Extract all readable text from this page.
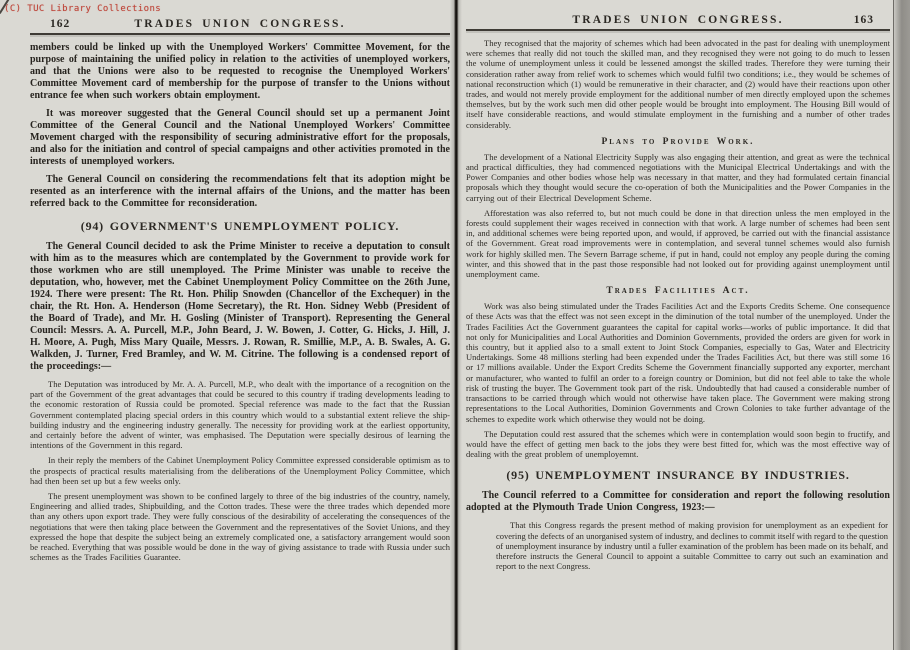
(C) TUC Library Collections
162	TRADES UNION CONGRESS.

members could be linked up with the Unemployed Workers' Committee Movement, for the purpose of maintaining the unified policy in relation to the activities of unemployed workers, and that the Unions were also to be requested to recognise the Unemployed Workers' Committee Movement card of membership for the purpose of transfer to the Unions without entrance fee when such workers obtain employment.

It was moreover suggested that the General Council should set up a permanent Joint Committee of the General Council and the National Unemployed Workers' Committee Movement charged with the responsibility of securing administrative effort for the proposals, and also for the initiation and control of special campaigns and other activities promoted in the interests of unemployed workers.

The General Council on considering the recommendations felt that its adoption might be resented as an interference with the internal affairs of the Unions, and the matter has been referred back to the Committee for reconsideration.

(94) GOVERNMENT'S UNEMPLOYMENT POLICY.

The General Council decided to ask the Prime Minister to receive a deputation to consult with him as to the measures which are contemplated by the Government to provide work for those workmen who are still unemployed. The Prime Minister was unable to receive the deputation, who, however, met the Cabinet Unemployment Policy Committee on the 26th June, 1924. There were present: The Rt. Hon. Philip Snowden (Chancellor of the Exchequer) in the chair, the Rt. Hon. A. Henderson (Home Secretary), the Rt. Hon. Sidney Webb (President of the Board of Trade), and Mr. H. Gosling (Minister of Transport). Representing the General Council: Messrs. A. A. Purcell, M.P., John Beard, J. W. Bowen, J. Cotter, G. Hicks, J. Hill, J. H. Moore, A. Pugh, Miss Mary Quaile, Messrs. J. Rowan, R. Smillie, M.P., A. B. Swales, A. G. Walkden, J. Turner, Fred Bramley, and W. M. Citrine. The following is a condensed report of the proceedings:—

The Deputation was introduced by Mr. A. A. Purcell, M.P., who dealt with the importance of a recognition on the part of the Government of the great advantages that could be secured to this country if trading developments leading to the economic restoration of Russia could be promoted. Special reference was made to the fact that the Russian Government contemplated placing special orders in this country which would to a substantial extent relieve the ship-building industry and the engineering industry generally. The necessity for providing work at the earliest opportunity, and certainly before the advent of winter, was emphasised. The Deputation were specially desirous of learning the intentions of the Government in this regard.

In their reply the members of the Cabinet Unemployment Policy Committee expressed considerable optimism as to the prospects of practical results materialising from the deliberations of the Unemployment Policy Committee, which had then been set up but a few weeks only.

The present unemployment was shown to be confined largely to three of the big industries of the country, namely, Engineering and allied trades, Shipbuilding, and the Cotton trades. These were the three trades which depended more than any others upon export trade. They were fully conscious of the desirability of accelerating the consequences of the negotiations that were then taking place between the Government and the representatives of the Soviet Unions, and they expressed the hope that despite the subject being an extremely complicated one, a satisfactory arrangement would soon be reached. Everything that was possible would be done in the way of giving assistance to trade with Russia under such schemes as the Trades Facilities Guarantee.

TRADES UNION CONGRESS.	163

They recognised that the majority of schemes which had been advocated in the past for dealing with unemployment were schemes that really did not touch the skilled man, and they recognised they were not going to do much to lessen the volume of unemployment unless it could be lessened amongst the skilled trades. Therefore they were turning their consideration rather away from relief work to schemes which would fulfil two conditions; i.e., they would be schemes of national reconstruction which (1) would be remunerative in their character, and (2) would have their reactions upon other trades, and would not merely provide employment for the additional number of men directly employed upon the schemes themselves, but by the work such men did other people would be brought into employment. The Housing Bill would of itself have considerable reactions, and would stimulate employment in the furnishing and a number of other trades considerably.

Plans to Provide Work.

The development of a National Electricity Supply was also engaging their attention, and great as were the technical and practical difficulties, they had commenced negotiations with the Municipal Electrical Undertakings and with the Power Companies and other bodies whose help was necessary in that matter, and they had formulated certain financial proposals which they thought would secure the co-operation of both the Municipalities and the Power Companies in the carrying out of their Electrical Development Scheme.

Afforestation was also referred to, but not much could be done in that direction unless the men employed in the forests could supplement their wages received in connection with that work. A large number of schemes had been sent in, and additional schemes were being reported upon, and would, if approved, be carried out with the financial assistance of the Government. Great road improvements were in contemplation, and several tunnel schemes would also furnish work for highly skilled men. The Severn Barrage scheme, if put in hand, could not employ any people during the coming winter, and this showed that in the past those responsible had not looked out for providing against unemployment until unemployment came.

Trades Facilities Act.

Work was also being stimulated under the Trades Facilities Act and the Exports Credits Scheme. One consequence of these Acts was that the effect was not seen except in the diminution of the total number of the unemployed. Under the Trades Facilities Act the Government guarantees the capital for capital works—works of public importance. It did that not only for Municipalities and Local Authorities and Dominion Governments, provided the orders are given for work in this country, but it applied also to a small extent to Joint Stock Companies, especially to Gas, Water and Electricity Undertakings. Some 48 millions sterling had been expended under the Trades Facilities Act, but there was still some 16 or 17 millions available. Under the Export Credits Scheme the Government financially supported any exporter, merchant or manufacturer, who wanted to fulfil an order to a foreign country or Dominion, but did not feel able to take the whole risk of trusting the buyer. The Government took part of the risk. Undoubtedly that had caused a considerable number of transactions to be carried through which would not otherwise have taken place. The Government were making strong representations to the Local Authorities, Dominion Governments and Crown Colonies to take further advantage of the schemes to expedite work which otherwise they would not be doing.

The Deputation could rest assured that the schemes which were in contemplation would soon begin to fructify, and would have the effect of getting men back to the jobs they were best fitted for, which was the most effective way of dealing with the great problem of unemployemnt.

(95) UNEMPLOYMENT INSURANCE BY INDUSTRIES.

The Council referred to a Committee for consideration and report the following resolution adopted at the Plymouth Trade Union Congress, 1923:—

That this Congress regards the present method of making provision for unemployment as an expedient for covering the defects of an unorganised system of industry, and declines to commit itself with regard to the question of unemployment insurance by industry until a fuller examination of the problem has been made on its behalf, and therefore instructs the General Council to appoint a suitable Committee to carry out such an examination and report to the next Congress.
